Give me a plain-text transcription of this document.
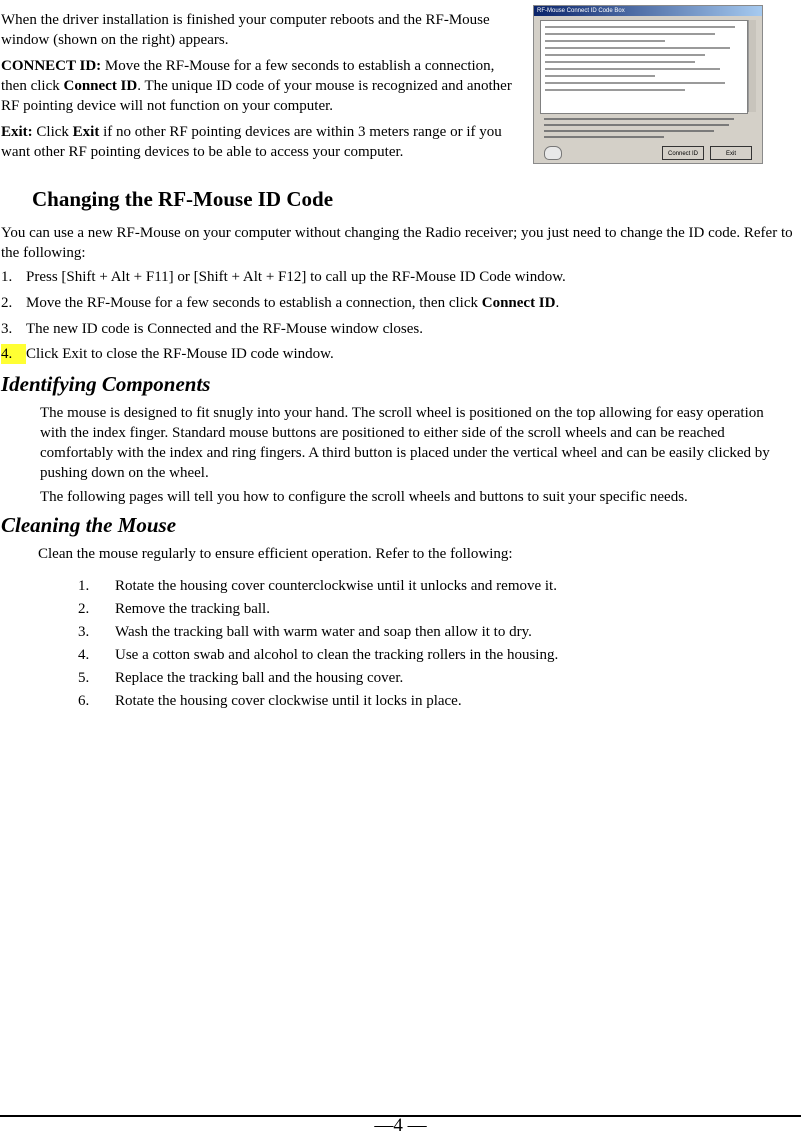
When the driver installation is finished your computer reboots and the RF-Mouse window (shown on the right) appears.

CONNECT ID: Move the RF-Mouse for a few seconds to establish a connection, then click Connect ID. The unique ID code of your mouse is recognized and another RF pointing device will not function on your computer.

Exit: Click Exit if no other RF pointing devices are within 3 meters range or if you want other RF pointing devices to be able to access your computer.

RF-Mouse Connect ID Code Box
Connect ID	Exit
Changing the RF-Mouse ID Code

You can use a new RF-Mouse on your computer without changing the Radio receiver; you just need to change the ID code. Refer to the following:

1. Press [Shift + Alt + F11] or [Shift + Alt + F12] to call up the RF-Mouse ID Code window.
2. Move the RF-Mouse for a few seconds to establish a connection, then click Connect ID.
3. The new ID code is Connected and the RF-Mouse window closes.
4. Click Exit to close the RF-Mouse ID code window.
Identifying Components

The mouse is designed to fit snugly into your hand. The scroll wheel is positioned on the top allowing for easy operation with the index finger. Standard mouse buttons are positioned to either side of the scroll wheels and can be reached comfortably with the index and ring fingers. A third button is placed under the vertical wheel and can be easily clicked by pushing down on the wheel.

The following pages will tell you how to configure the scroll wheels and buttons to suit your specific needs.

Cleaning the Mouse

Clean the mouse regularly to ensure efficient operation. Refer to the following:

1. Rotate the housing cover counterclockwise until it unlocks and remove it.
2. Remove the tracking ball.
3. Wash the tracking ball with warm water and soap then allow it to dry.
4. Use a cotton swab and alcohol to clean the tracking rollers in the housing.
5. Replace the tracking ball and the housing cover.
6. Rotate the housing cover clockwise until it locks in place.
—4 —
